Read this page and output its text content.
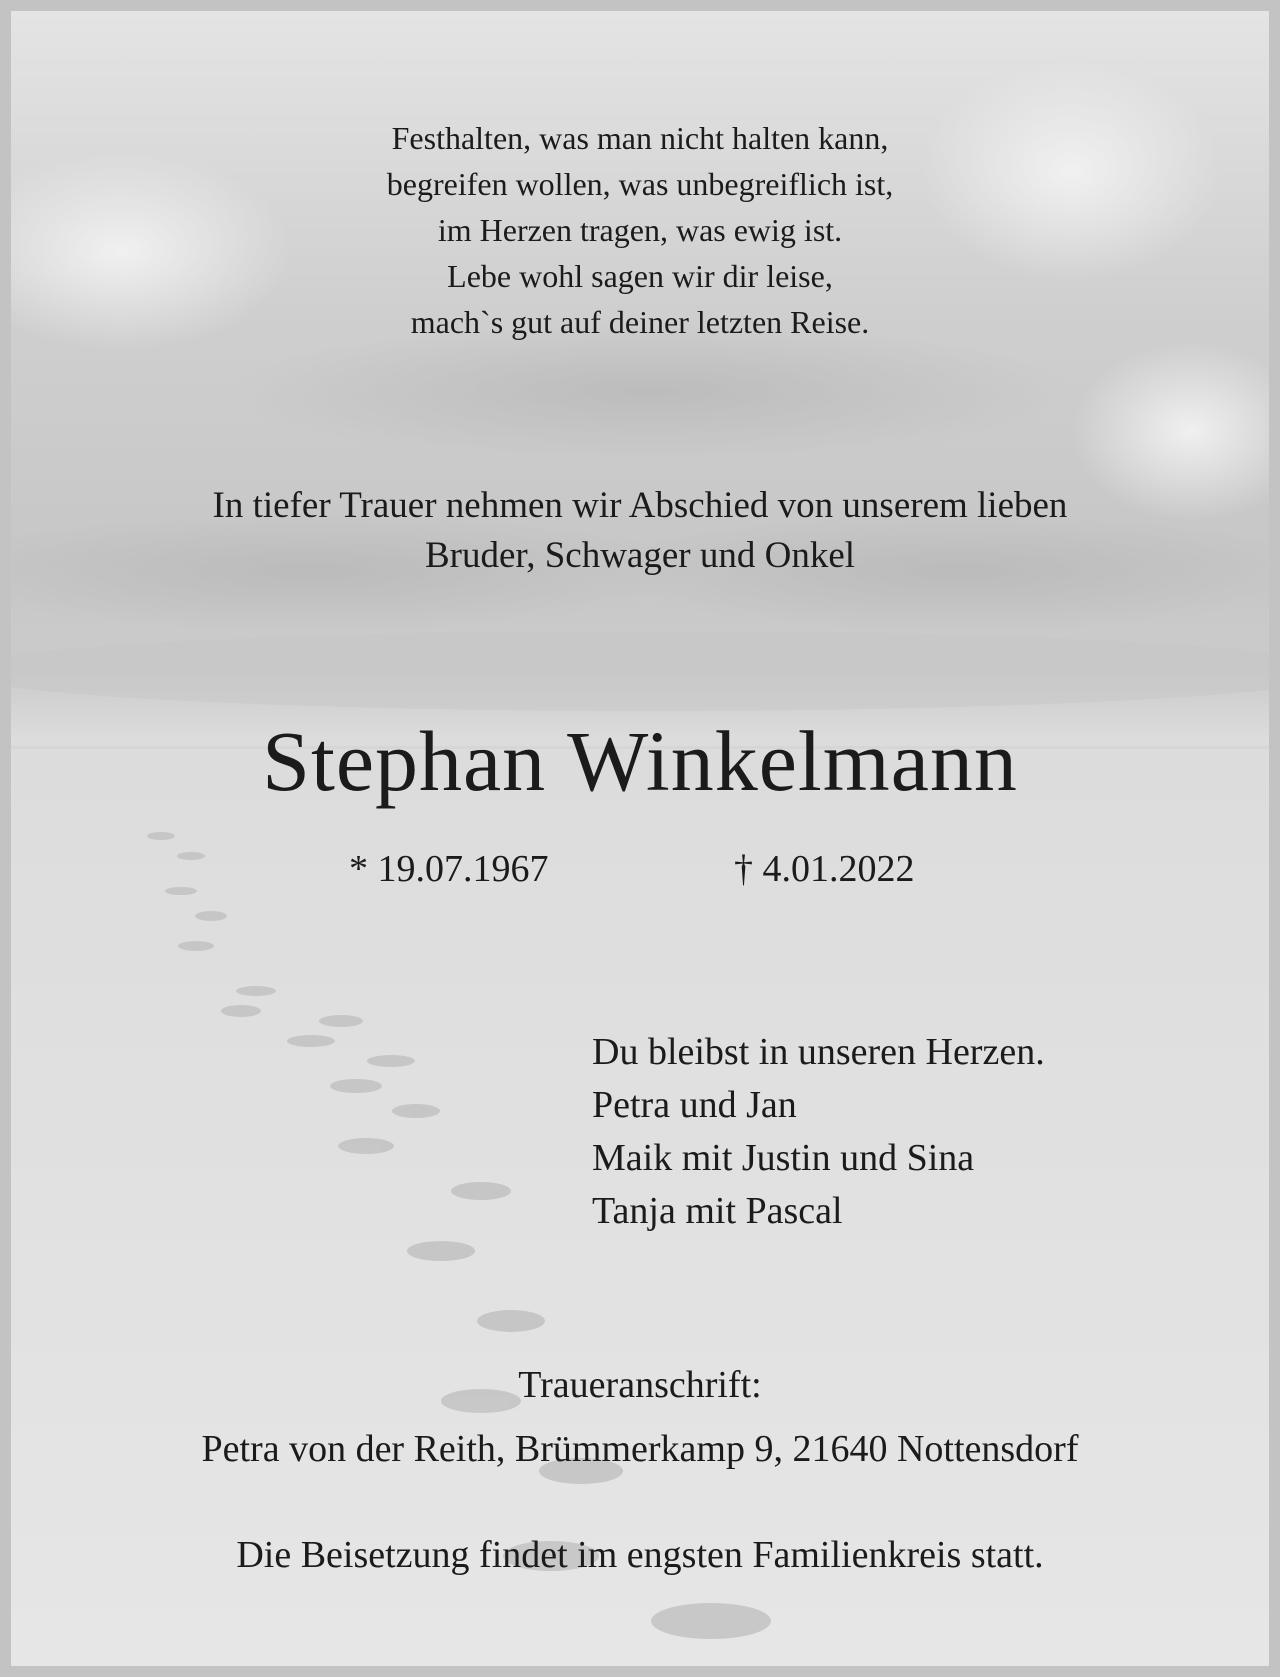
Festhalten, was man nicht halten kann,
begreifen wollen, was unbegreiflich ist,
im Herzen tragen, was ewig ist.
Lebe wohl sagen wir dir leise,
mach`s gut auf deiner letzten Reise.
In tiefer Trauer nehmen wir Abschied von unserem lieben
Bruder, Schwager und Onkel
Stephan Winkelmann
* 19.07.1967	† 4.01.2022
Du bleibst in unseren Herzen.
Petra und Jan
Maik mit Justin und Sina
Tanja mit Pascal
Traueranschrift:
Petra von der Reith, Brümmerkamp 9, 21640 Nottensdorf
Die Beisetzung findet im engsten Familienkreis statt.
